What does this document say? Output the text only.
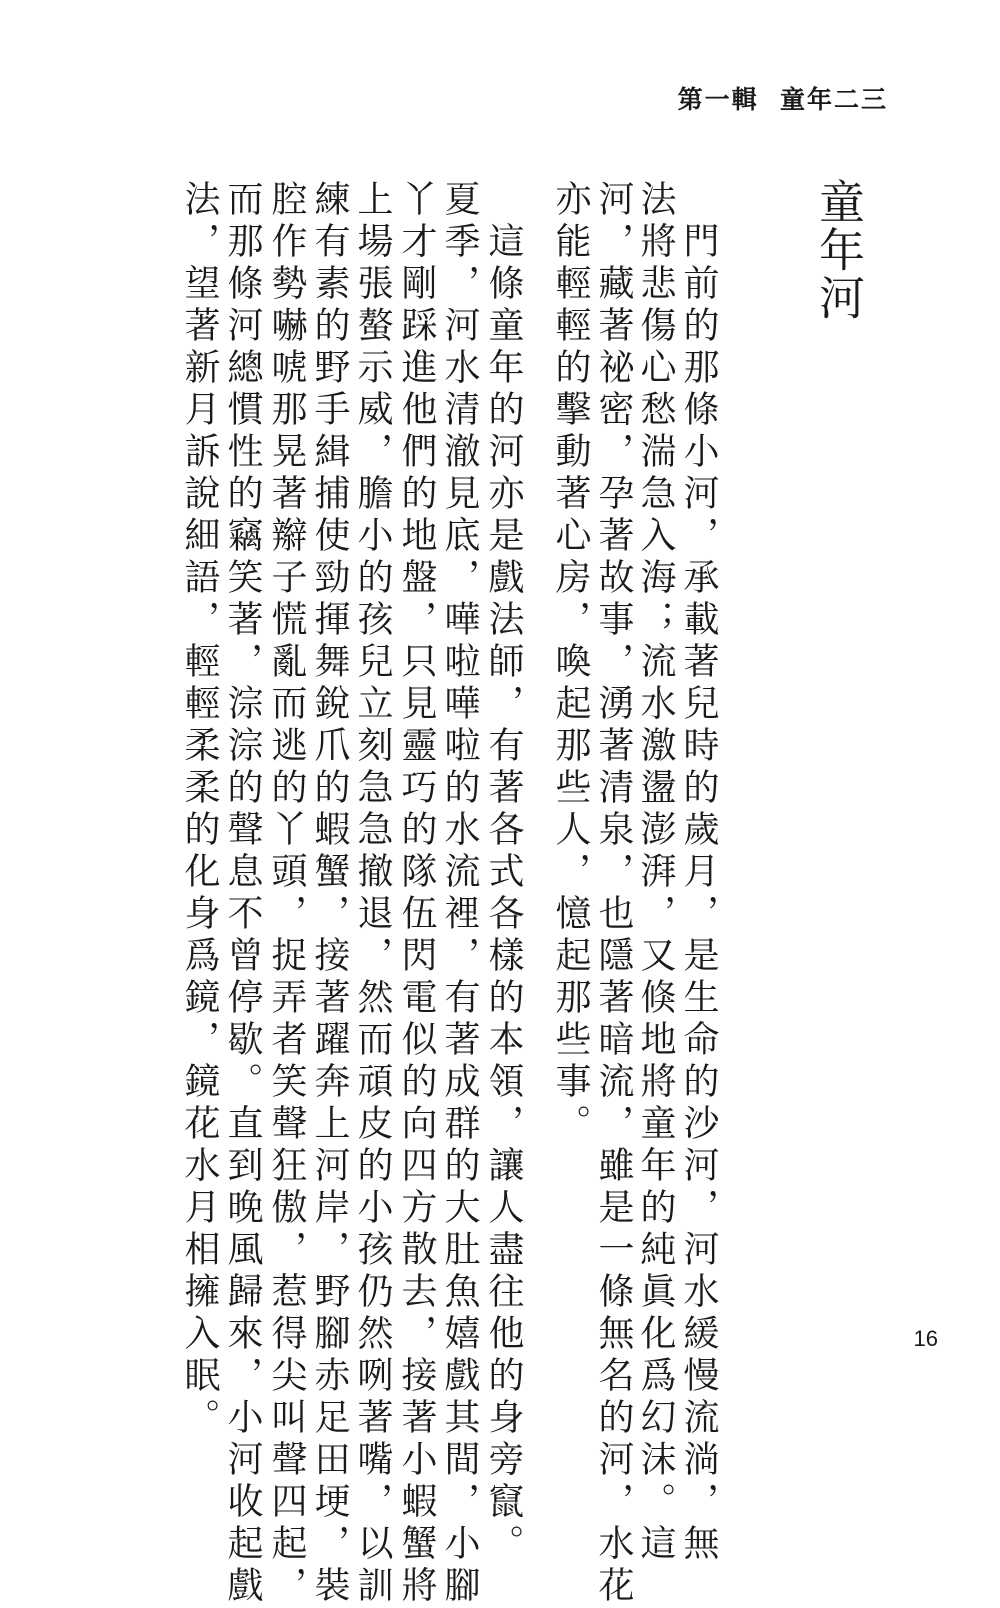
第一輯  童年二三
童年河
　門前的那條小河，承載著兒時的歲月，是生命的沙河，河水緩慢流淌，無
法將悲傷心愁湍急入海；流水激盪澎湃，又倏地將童年的純眞化爲幻沫。這
河，藏著祕密，孕著故事，湧著清泉，也隱著暗流，雖是一條無名的河，水花
亦能輕輕的擊動著心房，喚起那些人，憶起那些事。
　這條童年的河亦是戲法師，有著各式各樣的本領，讓人盡往他的身旁竄。
夏季，河水清澈見底，嘩啦嘩啦的水流裡，有著成群的大肚魚嬉戲其間，小腳
丫才剛踩進他們的地盤，只見靈巧的隊伍閃電似的向四方散去，接著小蝦蟹將
上場張螯示威，膽小的孩兒立刻急急撤退，然而頑皮的小孩仍然咧著嘴，以訓
練有素的野手緝捕使勁揮舞銳爪的蝦蟹，接著躍奔上河岸，野腳赤足田埂，裝
腔作勢嚇唬那晃著辮子慌亂而逃的丫頭，捉弄者笑聲狂傲，惹得尖叫聲四起，
而那條河總慣性的竊笑著，淙淙的聲息不曾停歇。直到晚風歸來，小河收起戲
法，望著新月訴說細語，輕輕柔柔的化身爲鏡，鏡花水月相擁入眠。	16
